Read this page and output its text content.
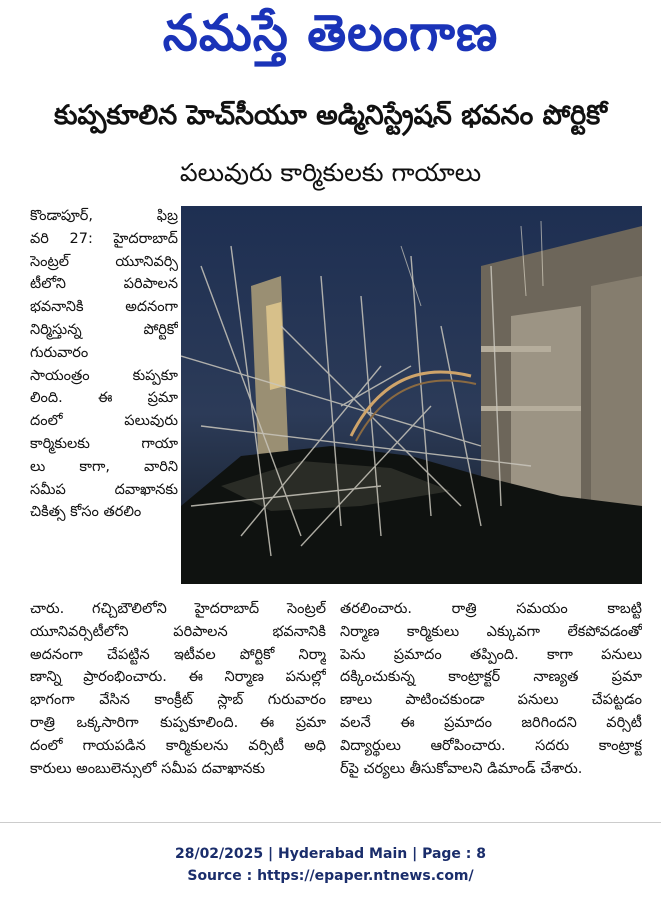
నమస్తే తెలంగాణ
కుప్పకూలిన హెచ్‌సీయూ అడ్మినిస్ట్రేషన్ భవనం పోర్టికో
పలువురు కార్మికులకు గాయాలు
కొండాపూర్, ఫిబ్ర
వరి 27: హైదరాబాద్
సెంట్రల్ యూనివర్సి
టీలోని పరిపాలన
భవనానికి అదనంగా
నిర్మిస్తున్న పోర్టికో
గురువారం
సాయంత్రం కుప్పకూ
లింది. ఈ ప్రమా
దంలో పలువురు
కార్మికులకు గాయా
లు కాగా, వారిని
సమీప దవాఖానకు
చికిత్స కోసం తరలిం
చారు. గచ్చిబౌలిలోని హైదరాబాద్ సెంట్రల్
యూనివర్సిటీలోని పరిపాలన భవనానికి
అదనంగా చేపట్టిన ఇటీవల పోర్టికో నిర్మా
ణాన్ని ప్రారంభించారు. ఈ నిర్మాణ పనుల్లో
భాగంగా వేసిన కాంక్రీట్ స్లాబ్ గురువారం
రాత్రి ఒక్కసారిగా కుప్పకూలింది. ఈ ప్రమా
దంలో గాయపడిన కార్మికులను వర్సిటీ అధి
కారులు అంబులెన్సులో సమీప దవాఖానకు
తరలించారు. రాత్రి సమయం కాబట్టి
నిర్మాణ కార్మికులు ఎక్కువగా లేకపోవడంతో
పెను ప్రమాదం తప్పింది. కాగా పనులు
దక్కించుకున్న కాంట్రాక్టర్ నాణ్యత ప్రమా
ణాలు పాటించకుండా పనులు చేపట్టడం
వలనే ఈ ప్రమాదం జరిగిందని వర్సిటీ
విద్యార్థులు ఆరోపించారు. సదరు కాంట్రాక్ట
ర్‌పై చర్యలు తీసుకోవాలని డిమాండ్ చేశారు.
28/02/2025 | Hyderabad Main | Page : 8
Source : https://epaper.ntnews.com/
